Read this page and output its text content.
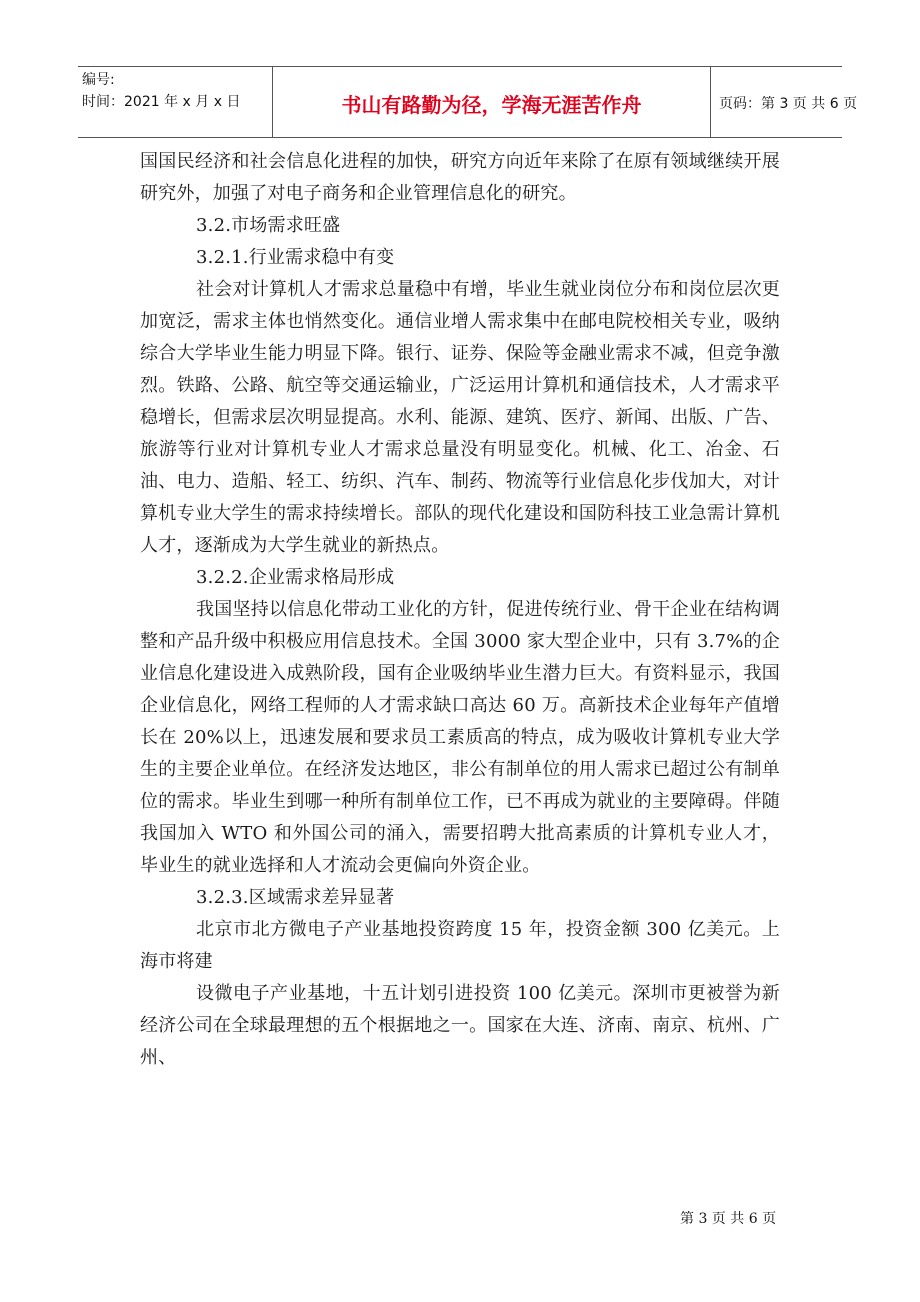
编号:
时间：2021 年 x 月 x 日	书山有路勤为径，学海无涯苦作舟	页码：第 3 页 共 6 页

国国民经济和社会信息化进程的加快，研究方向近年来除了在原有领域继续开展研究外，加强了对电子商务和企业管理信息化的研究。

3.2.市场需求旺盛

3.2.1.行业需求稳中有变

社会对计算机人才需求总量稳中有增，毕业生就业岗位分布和岗位层次更加宽泛，需求主体也悄然变化。通信业增人需求集中在邮电院校相关专业，吸纳综合大学毕业生能力明显下降。银行、证券、保险等金融业需求不减，但竞争激烈。铁路、公路、航空等交通运输业，广泛运用计算机和通信技术，人才需求平稳增长，但需求层次明显提高。水利、能源、建筑、医疗、新闻、出版、广告、旅游等行业对计算机专业人才需求总量没有明显变化。机械、化工、冶金、石油、电力、造船、轻工、纺织、汽车、制药、物流等行业信息化步伐加大，对计算机专业大学生的需求持续增长。部队的现代化建设和国防科技工业急需计算机人才，逐渐成为大学生就业的新热点。

3.2.2.企业需求格局形成

我国坚持以信息化带动工业化的方针，促进传统行业、骨干企业在结构调整和产品升级中积极应用信息技术。全国 3000 家大型企业中，只有 3.7%的企业信息化建设进入成熟阶段，国有企业吸纳毕业生潜力巨大。有资料显示，我国企业信息化，网络工程师的人才需求缺口高达 60 万。高新技术企业每年产值增长在 20%以上，迅速发展和要求员工素质高的特点，成为吸收计算机专业大学生的主要企业单位。在经济发达地区，非公有制单位的用人需求已超过公有制单位的需求。毕业生到哪一种所有制单位工作，已不再成为就业的主要障碍。伴随我国加入 WTO 和外国公司的涌入，需要招聘大批高素质的计算机专业人才，毕业生的就业选择和人才流动会更偏向外资企业。

3.2.3.区域需求差异显著

北京市北方微电子产业基地投资跨度 15 年，投资金额 300 亿美元。上海市将建

设微电子产业基地，十五计划引进投资 100 亿美元。深圳市更被誉为新经济公司在全球最理想的五个根据地之一。国家在大连、济南、南京、杭州、广州、

第 3 页 共 6 页
